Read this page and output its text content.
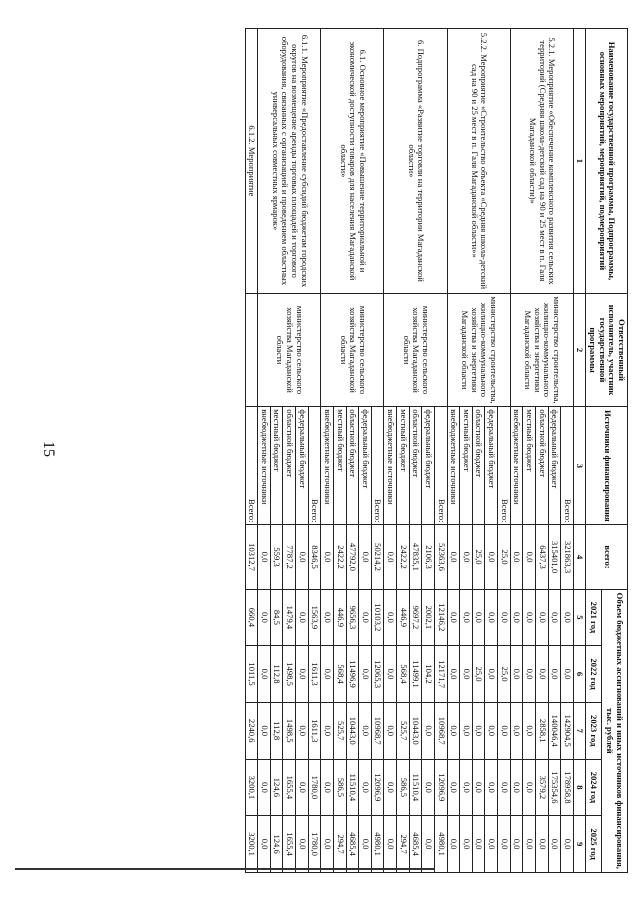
15
Наименование государственной программы, Подпрограммы, основных мероприятий, мероприятий, подмероприятий	Ответственный исполнитель, участник государственной программы	Источники финансирования	всего:	Объем бюджетных ассигнований и иных источников финансирования, тыс. рублей				
				2021 год	2022 год	2023 год	2024 год	2025 год
1	2	3	4	5	6	7	8	9
5.2.1. Мероприятие «Обеспечение комплексного развития сельских территорий (Средняя школа-детский сад на 90 и 25 мест в п. Галя Магаданской области)»	министерство строительства, жилищно-коммунального хозяйства и энергетики Магаданской области	Всего:	321863,3	0,0	0,0	142904,5	178958,8	0,0
		федеральный бюджет	315401,0	0,0	0,0	140046,4	175354,6	0,0
		областной бюджет	6437,3	0,0	0,0	2858,1	3579,2	0,0
		местный бюджет	0,0	0,0	0,0	0,0	0,0	0,0
		внебюджетные источники	0,0	0,0	0,0	0,0	0,0	0,0
5.2.2. Мероприятие «Строительство объекта «Средняя школа-детский сад на 90 и 25 мест в п. Галя Магаданской области»»	министерство строительства, жилищно-коммунального хозяйства и энергетики Магаданской области	Всего:	25,0	0,0	25,0	0,0	0,0	0,0
		федеральный бюджет	0,0	0,0	0,0	0,0	0,0	0,0
		областной бюджет	25,0	0,0	25,0	0,0	0,0	0,0
		местный бюджет	0,0	0,0	0,0	0,0	0,0	0,0
		внебюджетные источники	0,0	0,0	0,0	0,0	0,0	0,0
6. Подпрограмма «Развитие торговли на территории Магаданской области»	министерство сельского хозяйства Магаданской области	Всего:	52363,6	12146,2	12171,7	10968,7	12096,9	4980,1
		федеральный бюджет	2106,3	2002,1	104,2	0,0	0,0	0,0
		областной бюджет	47835,1	9697,2	11499,1	10443,0	11510,4	4685,4
		местный бюджет	2422,2	446,9	568,4	525,7	586,5	294,7
		внебюджетные источники	0,0	0,0	0,0	0,0	0,0	0,0
6.1. Основное мероприятие «Повышение территориальной и экономической доступности товаров для населения Магаданской области»	министерство сельского хозяйства Магаданской области	Всего:	50214,2	10103,2	12065,3	10968,7	12096,9	4980,1
		федеральный бюджет	0,0	0,0	0,0	0,0	0,0	0,0
		областной бюджет	47792,0	9656,3	11496,9	10443,0	11510,4	4685,4
		местный бюджет	2422,2	446,9	568,4	525,7	586,5	294,7
		внебюджетные источники	0,0	0,0	0,0	0,0	0,0	0,0
6.1.1. Мероприятие «Предоставление субсидий бюджетам городских округов на возмещение аренды торговых площадей и торгового оборудования, связанных с организацией и проведением областных универсальных совместных ярмарок»	министерство сельского хозяйства Магаданской области	Всего:	8346,5	1563,9	1611,3	1611,3	1780,0	1780,0
		федеральный бюджет	0,0	0,0	0,0	0,0	0,0	0,0
		областной бюджет	7787,2	1479,4	1498,5	1498,5	1655,4	1655,4
		местный бюджет	559,3	84,5	112,8	112,8	124,6	124,6
		внебюджетные источники	0,0	0,0	0,0	0,0	0,0	0,0
6.1.2. Мероприятие		Всего:	10312,7	660,4	1011,5	2240,6	3200,1	3200,1
